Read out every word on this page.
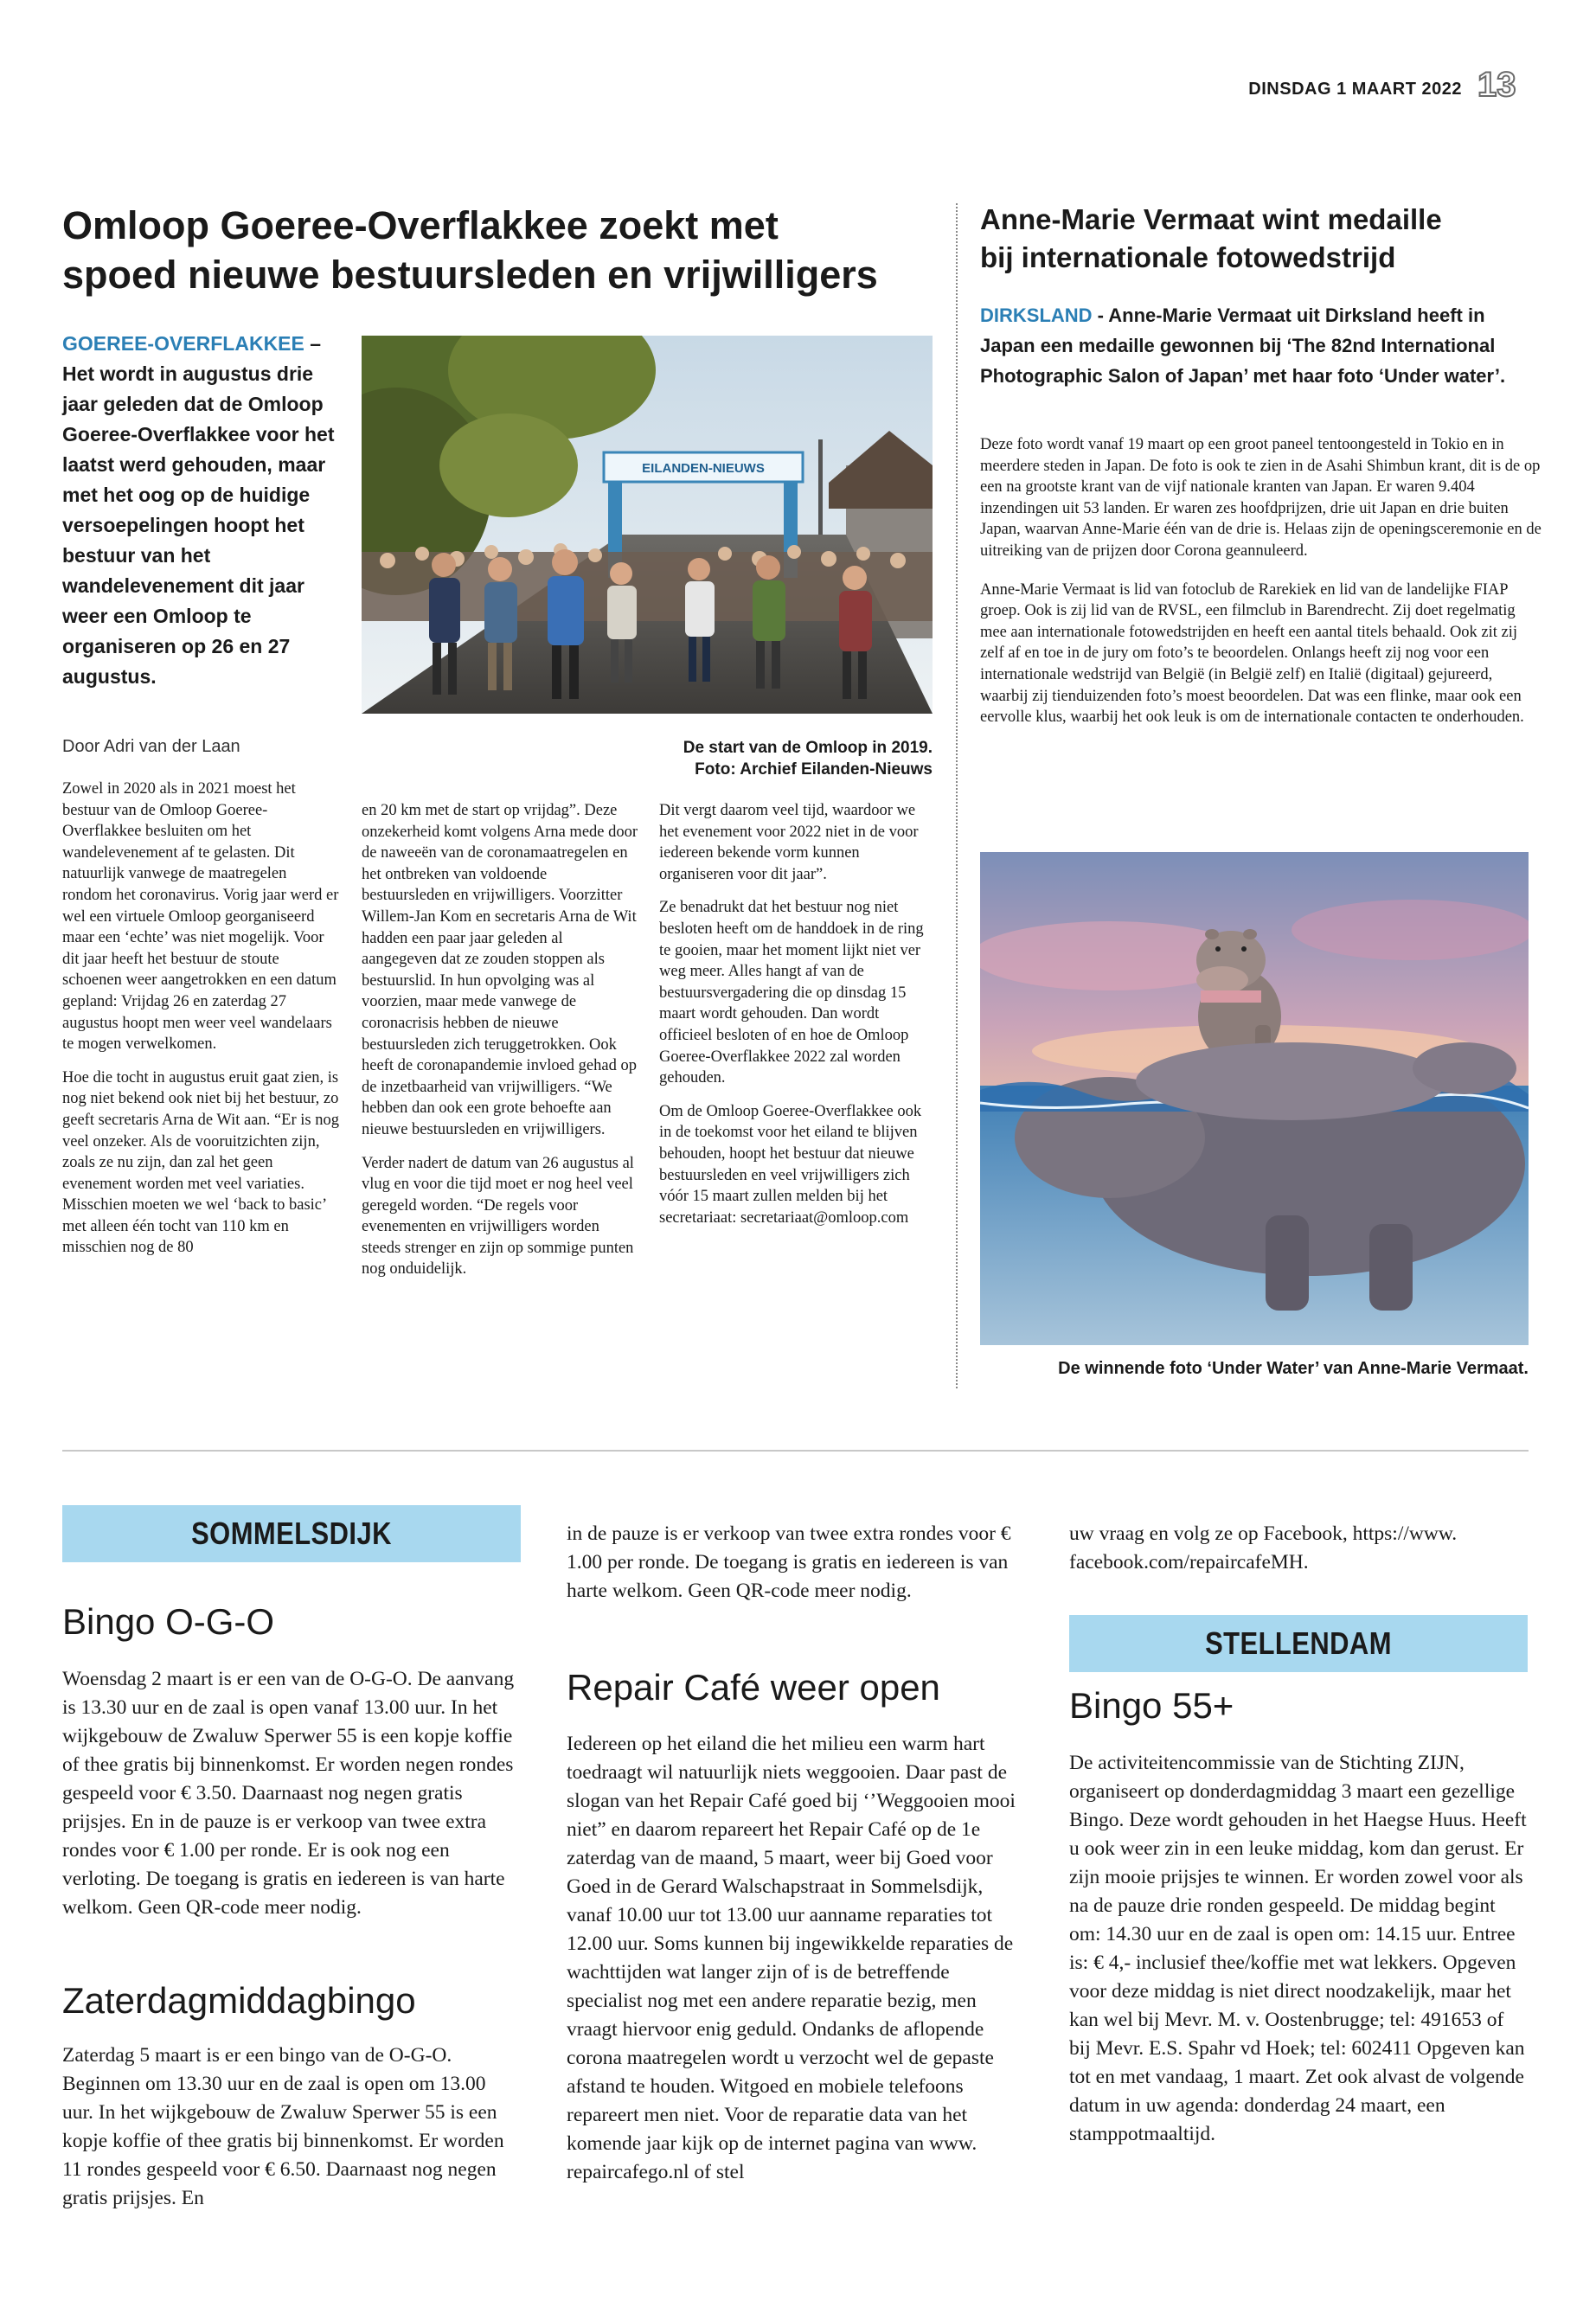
DINSDAG 1 MAART 2022 13
Omloop Goeree-Overflakkee zoekt met
spoed nieuwe bestuursleden en vrijwilligers

GOEREE-OVERFLAKKEE – Het wordt in augustus drie jaar geleden dat de Omloop Goeree-Overflakkee voor het laatst werd gehouden, maar met het oog op de huidige versoepelingen hoopt het bestuur van het wandelevenement dit jaar weer een Omloop te organiseren op 26 en 27 augustus.

Door Adri van der Laan
EILANDEN-NIEUWS

De start van de Omloop in 2019.
Foto: Archief Eilanden-Nieuws

Zowel in 2020 als in 2021 moest het bestuur van de Omloop Goeree-Overflakkee besluiten om het wandelevenement af te gelasten. Dit natuurlijk vanwege de maatregelen rondom het coronavirus. Vorig jaar werd er wel een virtuele Omloop georganiseerd maar een ‘echte’ was niet mogelijk. Voor dit jaar heeft het bestuur de stoute schoenen weer aangetrokken en een datum gepland: Vrijdag 26 en zaterdag 27 augustus hoopt men weer veel wandelaars te mogen verwelkomen.

Hoe die tocht in augustus eruit gaat zien, is nog niet bekend ook niet bij het bestuur, zo geeft secretaris Arna de Wit aan. “Er is nog veel onzeker. Als de vooruitzichten zijn, zoals ze nu zijn, dan zal het geen evenement worden met veel variaties. Misschien moeten we wel ‘back to basic’ met alleen één tocht van 110 km en misschien nog de 80

en 20 km met de start op vrijdag”. Deze onzekerheid komt volgens Arna mede door de naweeën van de coronamaatregelen en het ontbreken van voldoende bestuursleden en vrijwilligers. Voorzitter Willem-Jan Kom en secretaris Arna de Wit hadden een paar jaar geleden al aangegeven dat ze zouden stoppen als bestuurslid. In hun opvolging was al voorzien, maar mede vanwege de coronacrisis hebben de nieuwe bestuursleden zich teruggetrokken. Ook heeft de coronapandemie invloed gehad op de inzetbaarheid van vrijwilligers. “We hebben dan ook een grote behoefte aan nieuwe bestuursleden en vrijwilligers.

Verder nadert de datum van 26 augustus al vlug en voor die tijd moet er nog heel veel geregeld worden. “De regels voor evenementen en vrijwilligers worden steeds strenger en zijn op sommige punten nog onduidelijk.

Dit vergt daarom veel tijd, waardoor we het evenement voor 2022 niet in de voor iedereen bekende vorm kunnen organiseren voor dit jaar”.

Ze benadrukt dat het bestuur nog niet besloten heeft om de handdoek in de ring te gooien, maar het moment lijkt niet ver weg meer. Alles hangt af van de bestuursvergadering die op dinsdag 15 maart wordt gehouden. Dan wordt officieel besloten of en hoe de Omloop Goeree-Overflakkee 2022 zal worden gehouden.

Om de Omloop Goeree-Overflakkee ook in de toekomst voor het eiland te blijven behouden, hoopt het bestuur dat nieuwe bestuursleden en veel vrijwilligers zich vóór 15 maart zullen melden bij het secretariaat: secretariaat@omloop.com

Anne-Marie Vermaat wint medaille
bij internationale fotowedstrijd

DIRKSLAND - Anne-Marie Vermaat uit Dirksland heeft in Japan een medaille gewonnen bij ‘The 82nd International Photographic Salon of Japan’ met haar foto ‘Under water’.

Deze foto wordt vanaf 19 maart op een groot paneel tentoongesteld in Tokio en in meerdere steden in Japan. De foto is ook te zien in de Asahi Shimbun krant, dit is de op een na grootste krant van de vijf nationale kranten van Japan. Er waren 9.404 inzendingen uit 53 landen. Er waren zes hoofdprijzen, drie uit Japan en drie buiten Japan, waarvan Anne-Marie één van de drie is. Helaas zijn de openingsceremonie en de uitreiking van de prijzen door Corona geannuleerd.

Anne-Marie Vermaat is lid van fotoclub de Rarekiek en lid van de landelijke FIAP groep. Ook is zij lid van de RVSL, een filmclub in Barendrecht. Zij doet regelmatig mee aan internationale fotowedstrijden en heeft een aantal titels behaald. Ook zit zij zelf af en toe in de jury om foto’s te beoordelen. Onlangs heeft zij nog voor een internationale wedstrijd van België (in België zelf) en Italië (digitaal) gejureerd, waarbij zij tienduizenden foto’s moest beoordelen. Dat was een flinke, maar ook een eervolle klus, waarbij het ook leuk is om de internationale contacten te onderhouden.

De winnende foto ‘Under Water’ van Anne-Marie Vermaat.

SOMMELSDIJK
Bingo O-G-O

Woensdag 2 maart is er een van de O-G-O. De aanvang is 13.30 uur en de zaal is open vanaf 13.00 uur. In het wijkgebouw de Zwaluw Sperwer 55 is een kopje koffie of thee gratis bij binnenkomst. Er worden negen rondes gespeeld voor € 3.50. Daarnaast nog negen gratis prijsjes. En in de pauze is er verkoop van twee extra rondes voor € 1.00 per ronde. Er is ook nog een verloting. De toegang is gratis en iedereen is van harte welkom. Geen QR-code meer nodig.

Zaterdagmiddagbingo

Zaterdag 5 maart is er een bingo van de O-G-O. Beginnen om 13.30 uur en de zaal is open om 13.00 uur. In het wijkgebouw de Zwaluw Sperwer 55 is een kopje koffie of thee gratis bij binnenkomst. Er worden 11 rondes gespeeld voor € 6.50. Daarnaast nog negen gratis prijsjes. En

in de pauze is er verkoop van twee extra rondes voor € 1.00 per ronde. De toegang is gratis en iedereen is van harte welkom. Geen QR-code meer nodig.

Repair Café weer open

Iedereen op het eiland die het milieu een warm hart toedraagt wil natuurlijk niets weggooien. Daar past de slogan van het Repair Café goed bij ‘’Weggooien mooi niet” en daarom repareert het Repair Café op de 1e zaterdag van de maand, 5 maart, weer bij Goed voor Goed in de Gerard Walschapstraat in Sommelsdijk, vanaf 10.00 uur tot 13.00 uur aanname reparaties tot 12.00 uur. Soms kunnen bij ingewikkelde reparaties de wachttijden wat langer zijn of is de betreffende specialist nog met een andere reparatie bezig, men vraagt hiervoor enig geduld. Ondanks de aflopende corona maatregelen wordt u verzocht wel de gepaste afstand te houden. Witgoed en mobiele telefoons repareert men niet. Voor de reparatie data van het komende jaar kijk op de internet pagina van www. repaircafego.nl of stel

uw vraag en volg ze op Facebook, https://www. facebook.com/repaircafeMH.

STELLENDAM
Bingo 55+

De activiteitencommissie van de Stichting ZIJN, organiseert op donderdagmiddag 3 maart een gezellige Bingo. Deze wordt gehouden in het Haegse Huus. Heeft u ook weer zin in een leuke middag, kom dan gerust. Er zijn mooie prijsjes te winnen. Er worden zowel voor als na de pauze drie ronden gespeeld. De middag begint om: 14.30 uur en de zaal is open om: 14.15 uur. Entree is: € 4,- inclusief thee/koffie met wat lekkers. Opgeven voor deze middag is niet direct noodzakelijk, maar het kan wel bij Mevr. M. v. Oostenbrugge; tel: 491653 of bij Mevr. E.S. Spahr vd Hoek; tel: 602411 Opgeven kan tot en met vandaag, 1 maart. Zet ook alvast de volgende datum in uw agenda: donderdag 24 maart, een stamppotmaaltijd.
